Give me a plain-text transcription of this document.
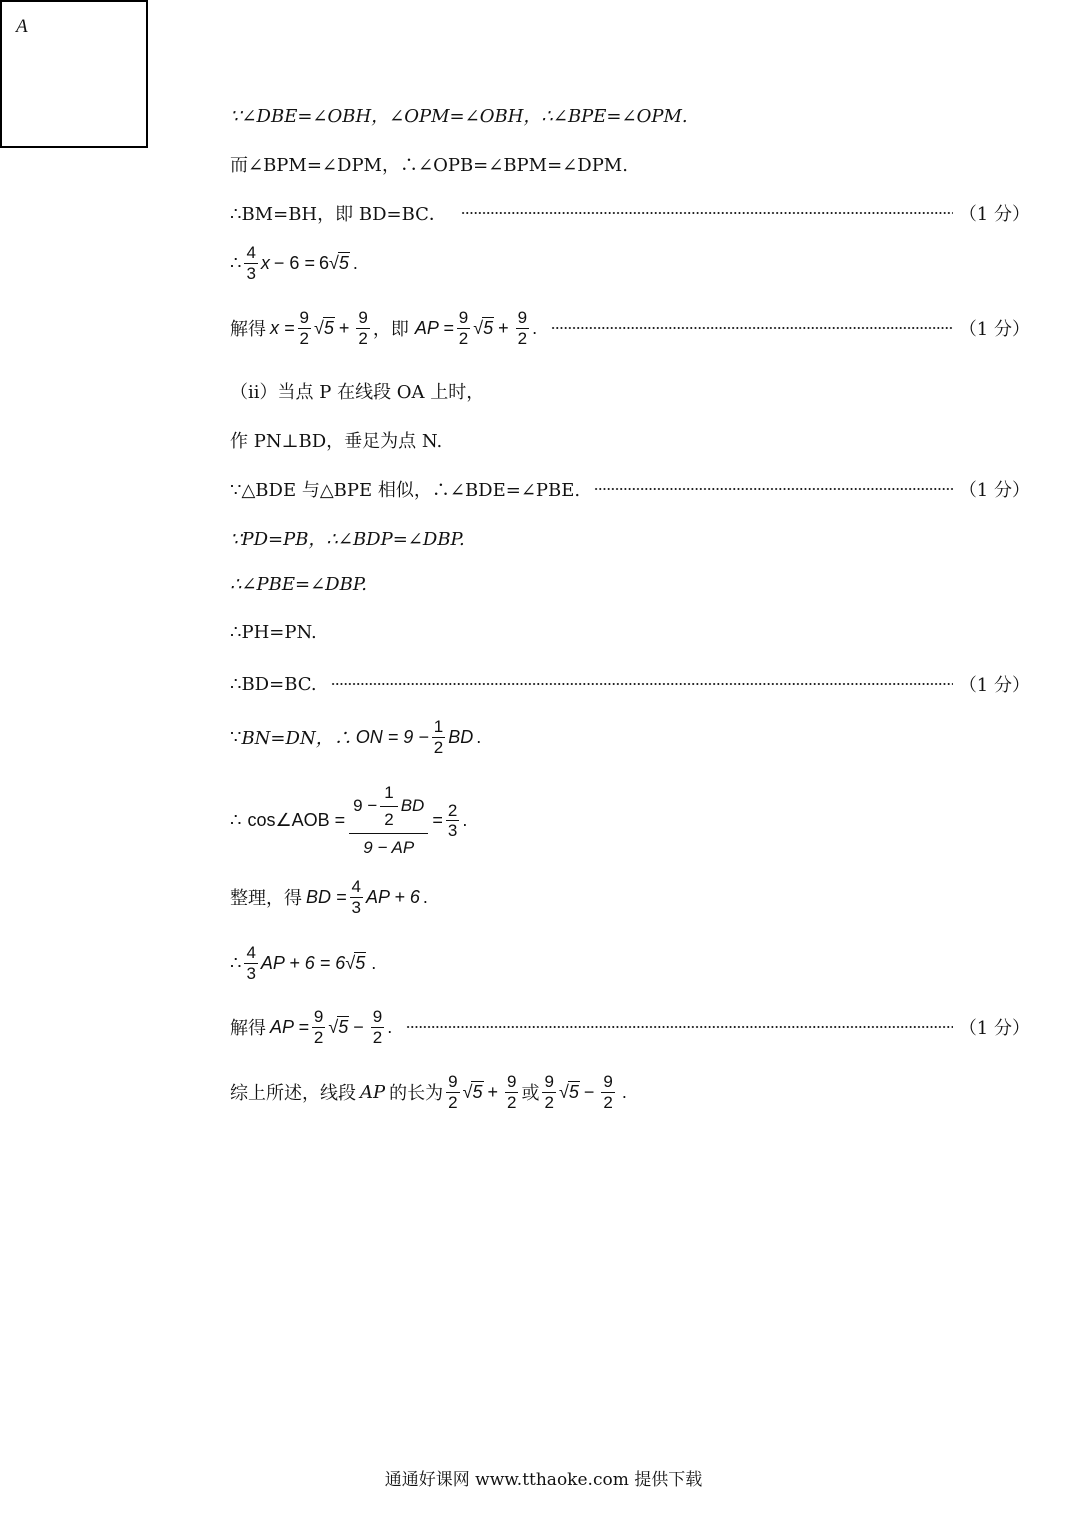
A
∵∠DBE=∠OBH，∠OPM=∠OBH，∴∠BPE=∠OPM.
而∠BPM=∠DPM，∴∠OPB=∠BPM=∠DPM.
∴BM=BH，即 BD=BC．	（1 分）
∴ $\frac{4}{3}$ x − 6 = 6 √ 5 .
解得 $x = \frac{9}{2}$ √ $5 + \frac{9}{2}$ ，即 AP = $\frac{9}{2}$ √ $5 + \frac{9}{2}$ .	（1 分）
（ii）当点 P 在线段 OA 上时，
作 PN⊥BD，垂足为点 N.
∵△BDE 与△BPE 相似，∴∠BDE=∠PBE.	（1 分）
∵PD=PB，∴∠BDP=∠DBP.
∴∠PBE=∠DBP.
∴PH=PN.
∴BD=BC.	（1 分）
∵ BN=DN，∴ ON = $9 - \frac{1}{2}$ BD .
∴ cos∠AOB = $\frac{9 - \frac{1}{2} BD}{9 - AP} = \frac{2}{3}$ .
整理，得 BD = $\frac{4}{3}$ AP + 6 .
∴ $\frac{4}{3}$ AP + 6 = 6 √ 5 .
解得 AP = $\frac{9}{2}$ √ $5 - \frac{9}{2}$ .	（1 分）
综上所述，线段 AP 的长为 $\frac{9}{2}$ √ $5 + \frac{9}{2}$ 或 $\frac{9}{2}$ √ $5 - \frac{9}{2}$ .
通通好课网 www.tthaoke.com 提供下载
